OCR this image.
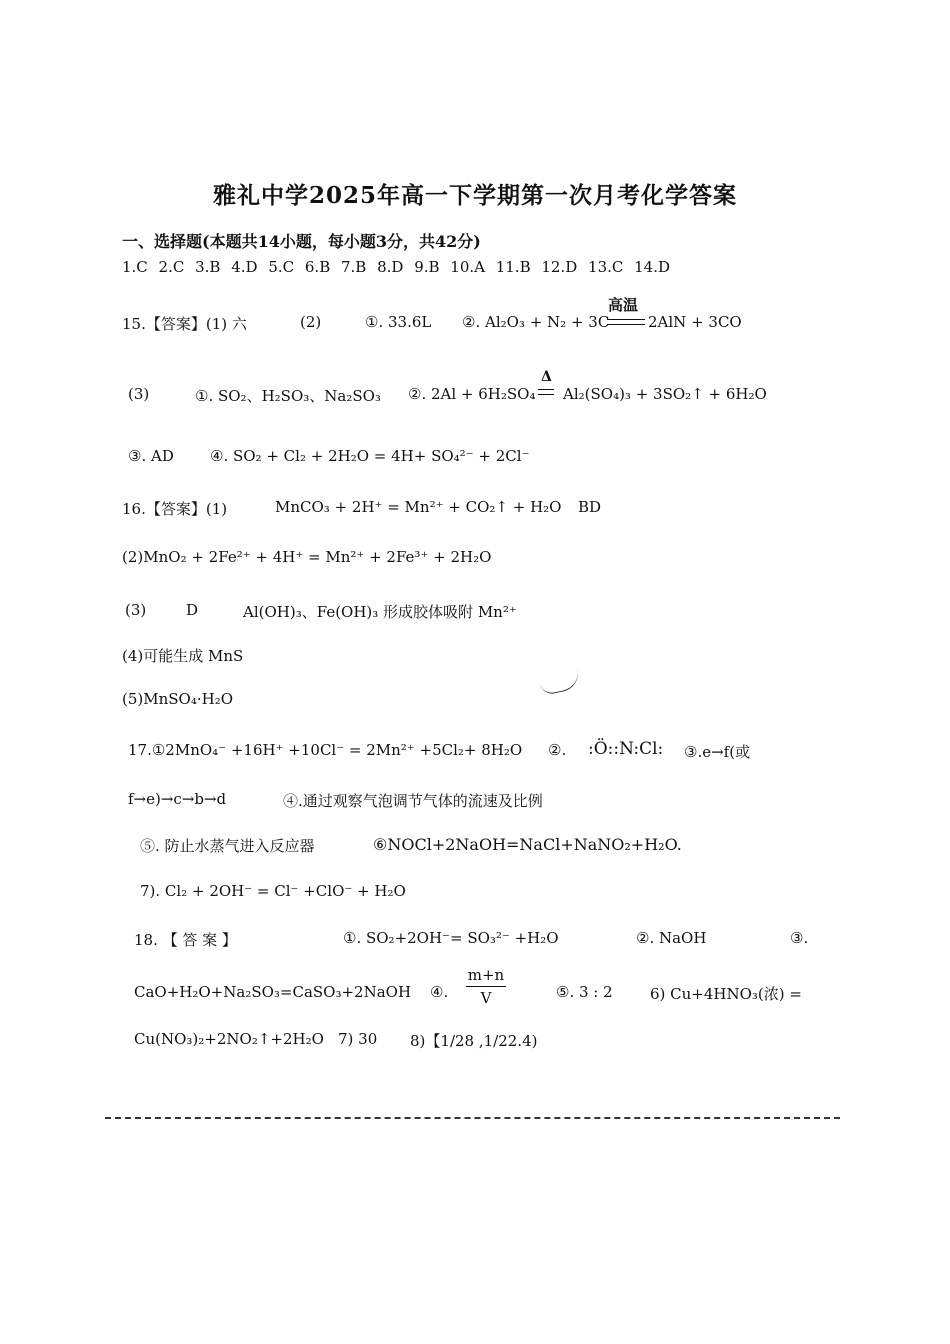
雅礼中学2025年高一下学期第一次月考化学答案
一、选择题(本题共14小题，每小题3分，共42分)
1.C 2.C 3.B 4.D 5.C 6.B 7.B 8.D 9.B 10.A 11.B 12.D 13.C 14.D
15.【答案】(1) 六	(2)	①. 33.6L ②. Al₂O₃ + N₂ + 3C
高温
2AlN + 3CO
(3)	①. SO₂、H₂SO₃、Na₂SO₃ ②. 2Al + 6H₂SO₄
Δ
Al₂(SO₄)₃ + 3SO₂↑ + 6H₂O
③. AD ④. SO₂ + Cl₂ + 2H₂O = 4H+ SO₄²⁻ + 2Cl⁻
16.【答案】(1)	MnCO₃ + 2H⁺ = Mn²⁺ + CO₂↑ + H₂O BD
(2)MnO₂ + 2Fe²⁺ + 4H⁺ = Mn²⁺ + 2Fe³⁺ + 2H₂O
(3)	D	Al(OH)₃、Fe(OH)₃ 形成胶体吸附 Mn²⁺
(4)可能生成 MnS
(5)MnSO₄·H₂O
17.①2MnO₄⁻ +16H⁺ +10Cl⁻ = 2Mn²⁺ +5Cl₂+ 8H₂O ②. :Ö::N:Cl: ③.e→f(或
f→e)→c→b→d	④.通过观察气泡调节气体的流速及比例
⑤. 防止水蒸气进入反应器	⑥NOCl+2NaOH=NaCl+NaNO₂+H₂O.
7). Cl₂ + 2OH⁻ = Cl⁻ +ClO⁻ + H₂O
18. 【 答 案 】	①. SO₂+2OH⁻= SO₃²⁻ +H₂O	②. NaOH	③.
CaO+H₂O+Na₂SO₃=CaSO₃+2NaOH ④.
m+n
V	⑤. 3 : 2 6) Cu+4HNO₃(浓) =
Cu(NO₃)₂+2NO₂↑+2H₂O 7) 30 8)【1/28 ,1/22.4)
